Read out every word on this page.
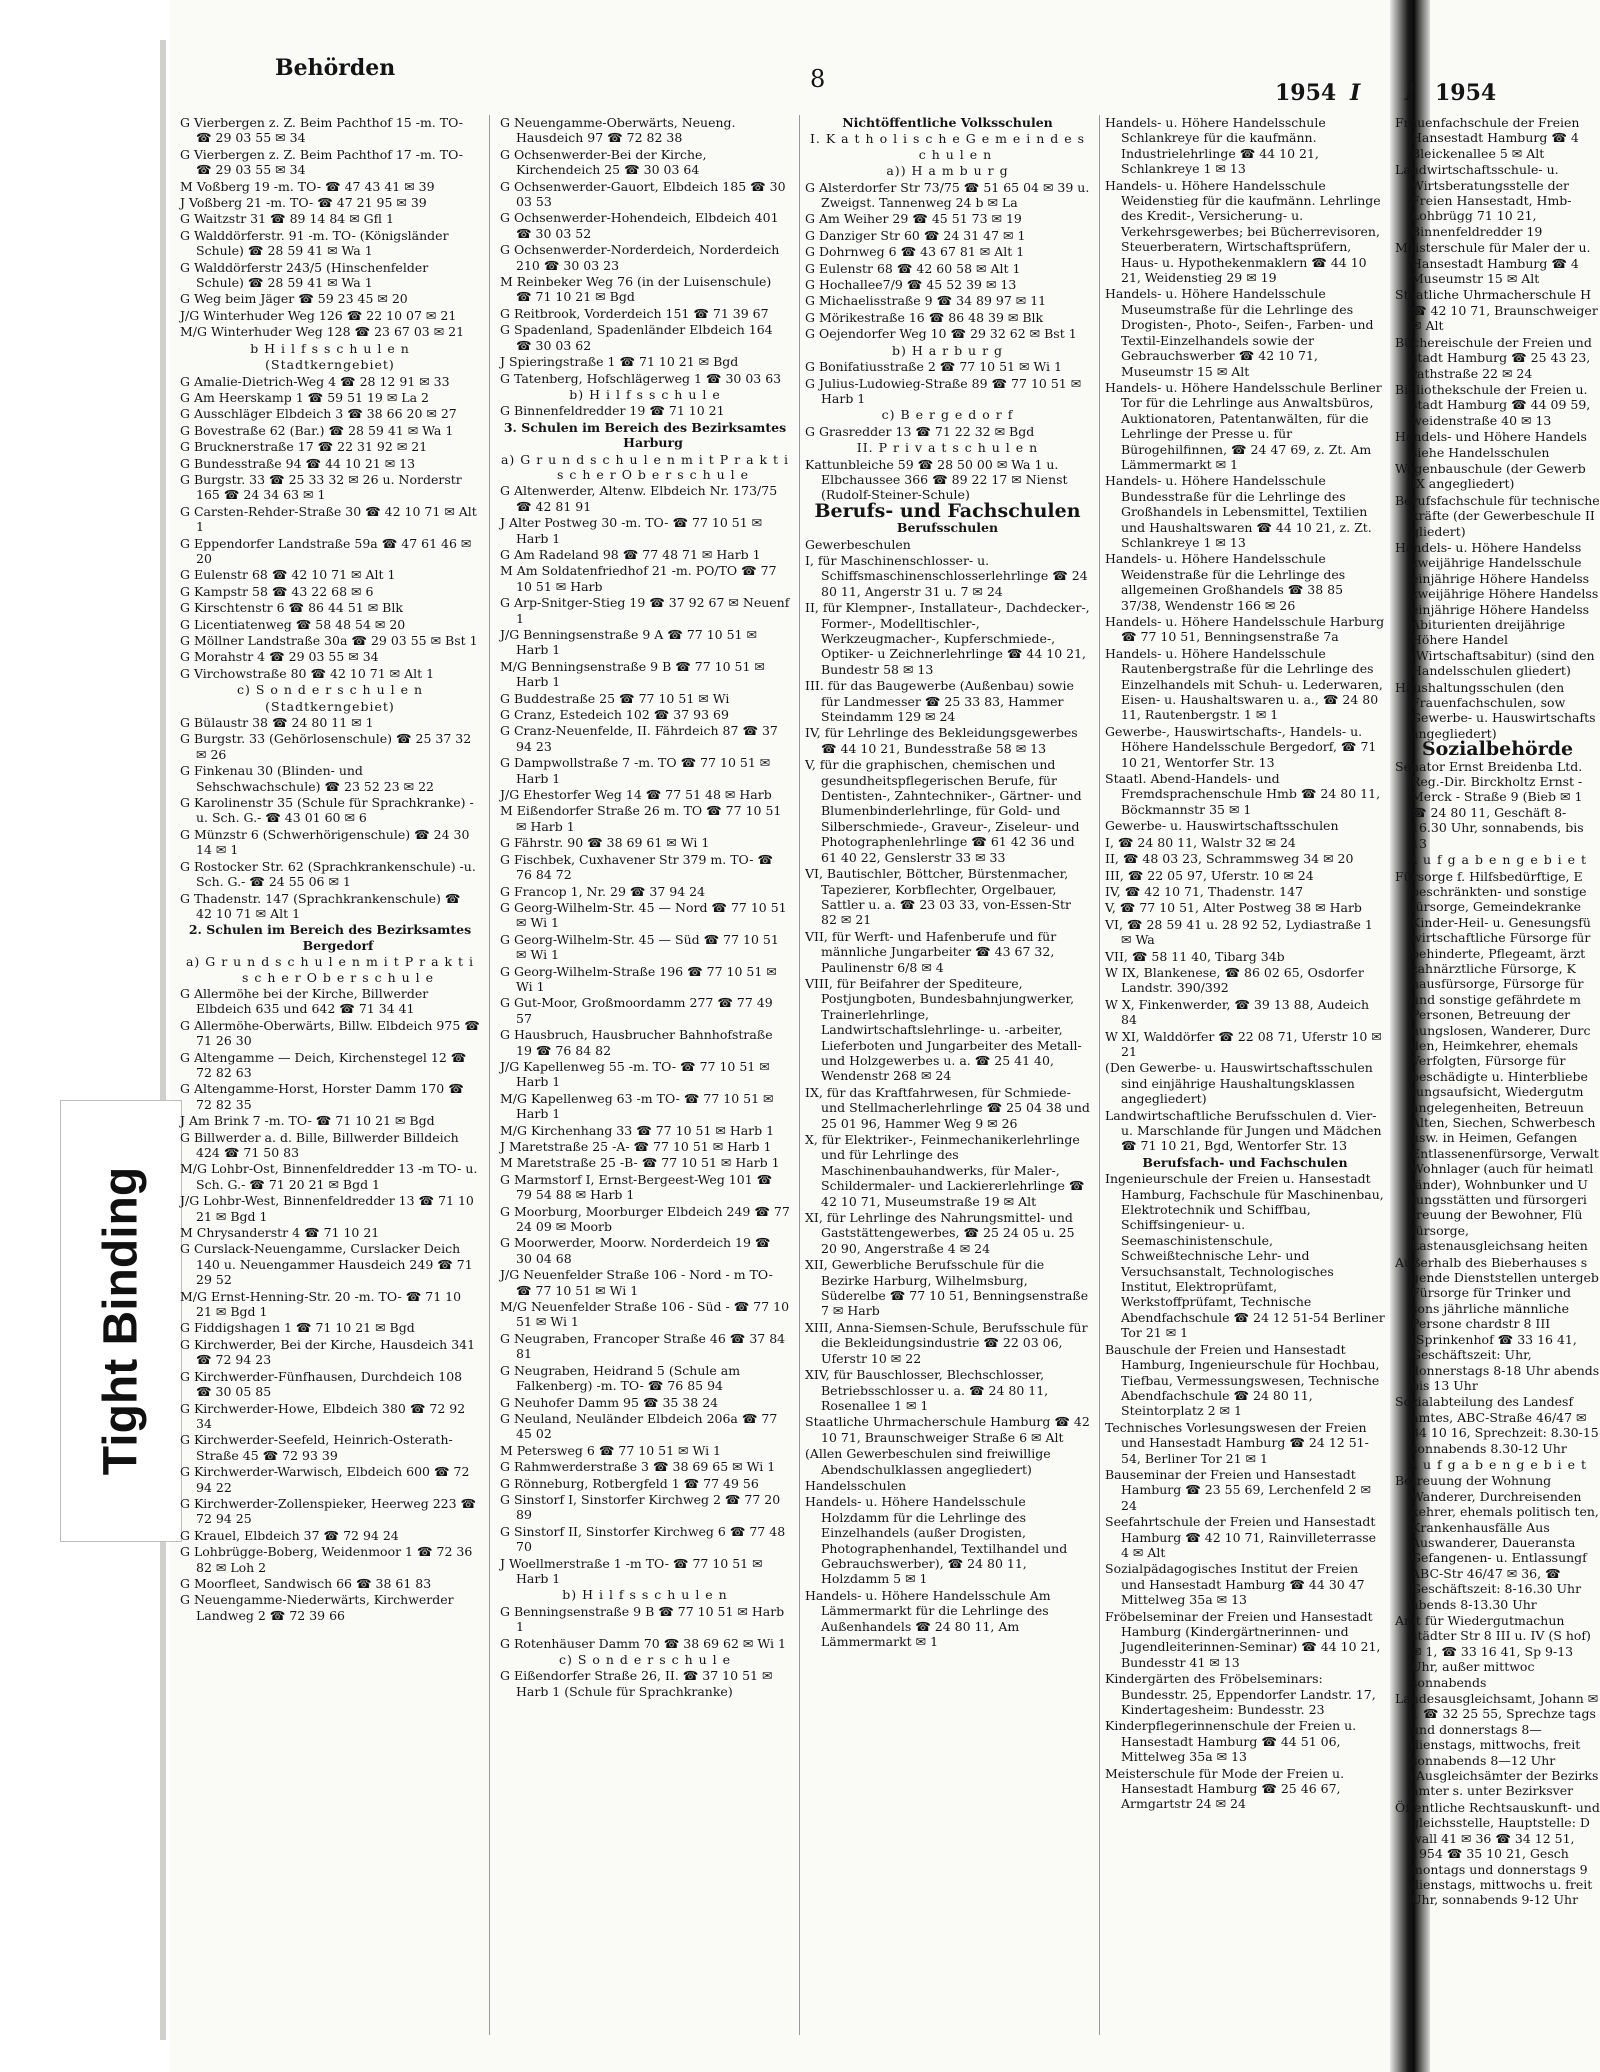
Tight Binding
Behörden	8	1954 I
G Vierbergen z. Z. Beim Pachthof 15 -m. TO- ☎ 29 03 55 ✉ 34
G Vierbergen z. Z. Beim Pachthof 17 -m. TO- ☎ 29 03 55 ✉ 34
M Voßberg 19 -m. TO- ☎ 47 43 41 ✉ 39
J Voßberg 21 -m. TO- ☎ 47 21 95 ✉ 39
G Waitzstr 31 ☎ 89 14 84 ✉ Gfl 1
G Walddörferstr. 91 -m. TO- (Königsländer Schule) ☎ 28 59 41 ✉ Wa 1
G Walddörferstr 243/5 (Hinschenfelder Schule) ☎ 28 59 41 ✉ Wa 1
G Weg beim Jäger ☎ 59 23 45 ✉ 20
J/G Winterhuder Weg 126 ☎ 22 10 07 ✉ 21
M/G Winterhuder Weg 128 ☎ 23 67 03 ✉ 21
b H i l f s s c h u l e n
(Stadtkerngebiet)
G Amalie-Dietrich-Weg 4 ☎ 28 12 91 ✉ 33
G Am Heerskamp 1 ☎ 59 51 19 ✉ La 2
G Ausschläger Elbdeich 3 ☎ 38 66 20 ✉ 27
G Bovestraße 62 (Bar.) ☎ 28 59 41 ✉ Wa 1
G Brucknerstraße 17 ☎ 22 31 92 ✉ 21
G Bundesstraße 94 ☎ 44 10 21 ✉ 13
G Burgstr. 33 ☎ 25 33 32 ✉ 26 u. Norderstr 165 ☎ 24 34 63 ✉ 1
G Carsten-Rehder-Straße 30 ☎ 42 10 71 ✉ Alt 1
G Eppendorfer Landstraße 59a ☎ 47 61 46 ✉ 20
G Eulenstr 68 ☎ 42 10 71 ✉ Alt 1
G Kampstr 58 ☎ 43 22 68 ✉ 6
G Kirschtenstr 6 ☎ 86 44 51 ✉ Blk
G Licentiatenweg ☎ 58 48 54 ✉ 20
G Möllner Landstraße 30a ☎ 29 03 55 ✉ Bst 1
G Morahstr 4 ☎ 29 03 55 ✉ 34
G Virchowstraße 80 ☎ 42 10 71 ✉ Alt 1
c) S o n d e r s c h u l e n
(Stadtkerngebiet)
G Bülaustr 38 ☎ 24 80 11 ✉ 1
G Burgstr. 33 (Gehörlosenschule) ☎ 25 37 32 ✉ 26
G Finkenau 30 (Blinden- und Sehschwachschule) ☎ 23 52 23 ✉ 22
G Karolinenstr 35 (Schule für Sprachkranke) -u. Sch. G.- ☎ 43 01 60 ✉ 6
G Münzstr 6 (Schwerhörigenschule) ☎ 24 30 14 ✉ 1
G Rostocker Str. 62 (Sprachkrankenschule) -u. Sch. G.- ☎ 24 55 06 ✉ 1
G Thadenstr. 147 (Sprachkrankenschule) ☎ 42 10 71 ✉ Alt 1
2. Schulen im Bereich des Bezirksamtes Bergedorf
a) G r u n d s c h u l e n m i t P r a k t i s c h e r O b e r s c h u l e
G Allermöhe bei der Kirche, Billwerder Elbdeich 635 und 642 ☎ 71 34 41
G Allermöhe-Oberwärts, Billw. Elbdeich 975 ☎ 71 26 30
G Altengamme — Deich, Kirchenstegel 12 ☎ 72 82 63
G Altengamme-Horst, Horster Damm 170 ☎ 72 82 35
J Am Brink 7 -m. TO- ☎ 71 10 21 ✉ Bgd
G Billwerder a. d. Bille, Billwerder Billdeich 424 ☎ 71 50 83
M/G Lohbr-Ost, Binnenfeldredder 13 -m TO- u. Sch. G.- ☎ 71 20 21 ✉ Bgd 1
J/G Lohbr-West, Binnenfeldredder 13 ☎ 71 10 21 ✉ Bgd 1
M Chrysanderstr 4 ☎ 71 10 21
G Curslack-Neuengamme, Curslacker Deich 140 u. Neuengammer Hausdeich 249 ☎ 71 29 52
M/G Ernst-Henning-Str. 20 -m. TO- ☎ 71 10 21 ✉ Bgd 1
G Fiddigshagen 1 ☎ 71 10 21 ✉ Bgd
G Kirchwerder, Bei der Kirche, Hausdeich 341 ☎ 72 94 23
G Kirchwerder-Fünfhausen, Durchdeich 108 ☎ 30 05 85
G Kirchwerder-Howe, Elbdeich 380 ☎ 72 92 34
G Kirchwerder-Seefeld, Heinrich-Osterath-Straße 45 ☎ 72 93 39
G Kirchwerder-Warwisch, Elbdeich 600 ☎ 72 94 22
G Kirchwerder-Zollenspieker, Heerweg 223 ☎ 72 94 25
G Krauel, Elbdeich 37 ☎ 72 94 24
G Lohbrügge-Boberg, Weidenmoor 1 ☎ 72 36 82 ✉ Loh 2
G Moorfleet, Sandwisch 66 ☎ 38 61 83
G Neuengamme-Niederwärts, Kirchwerder Landweg 2 ☎ 72 39 66
G Neuengamme-Oberwärts, Neueng. Hausdeich 97 ☎ 72 82 38
G Ochsenwerder-Bei der Kirche, Kirchendeich 25 ☎ 30 03 64
G Ochsenwerder-Gauort, Elbdeich 185 ☎ 30 03 53
G Ochsenwerder-Hohendeich, Elbdeich 401 ☎ 30 03 52
G Ochsenwerder-Norderdeich, Norderdeich 210 ☎ 30 03 23
M Reinbeker Weg 76 (in der Luisenschule) ☎ 71 10 21 ✉ Bgd
G Reitbrook, Vorderdeich 151 ☎ 71 39 67
G Spadenland, Spadenländer Elbdeich 164 ☎ 30 03 62
J Spieringstraße 1 ☎ 71 10 21 ✉ Bgd
G Tatenberg, Hofschlägerweg 1 ☎ 30 03 63
b) H i l f s s c h u l e
G Binnenfeldredder 19 ☎ 71 10 21
3. Schulen im Bereich des Bezirksamtes Harburg
a) G r u n d s c h u l e n m i t P r a k t i s c h e r O b e r s c h u l e
G Altenwerder, Altenw. Elbdeich Nr. 173/75 ☎ 42 81 91
J Alter Postweg 30 -m. TO- ☎ 77 10 51 ✉ Harb 1
G Am Radeland 98 ☎ 77 48 71 ✉ Harb 1
M Am Soldatenfriedhof 21 -m. PO/TO ☎ 77 10 51 ✉ Harb
G Arp-Snitger-Stieg 19 ☎ 37 92 67 ✉ Neuenf 1
J/G Benningsenstraße 9 A ☎ 77 10 51 ✉ Harb 1
M/G Benningsenstraße 9 B ☎ 77 10 51 ✉ Harb 1
G Buddestraße 25 ☎ 77 10 51 ✉ Wi
G Cranz, Estedeich 102 ☎ 37 93 69
G Cranz-Neuenfelde, II. Fährdeich 87 ☎ 37 94 23
G Dampwollstraße 7 -m. TO ☎ 77 10 51 ✉ Harb 1
J/G Ehestorfer Weg 14 ☎ 77 51 48 ✉ Harb
M Eißendorfer Straße 26 m. TO ☎ 77 10 51 ✉ Harb 1
G Fährstr. 90 ☎ 38 69 61 ✉ Wi 1
G Fischbek, Cuxhavener Str 379 m. TO- ☎ 76 84 72
G Francop 1, Nr. 29 ☎ 37 94 24
G Georg-Wilhelm-Str. 45 — Nord ☎ 77 10 51 ✉ Wi 1
G Georg-Wilhelm-Str. 45 — Süd ☎ 77 10 51 ✉ Wi 1
G Georg-Wilhelm-Straße 196 ☎ 77 10 51 ✉ Wi 1
G Gut-Moor, Großmoordamm 277 ☎ 77 49 57
G Hausbruch, Hausbrucher Bahnhofstraße 19 ☎ 76 84 82
J/G Kapellenweg 55 -m. TO- ☎ 77 10 51 ✉ Harb 1
M/G Kapellenweg 63 -m TO- ☎ 77 10 51 ✉ Harb 1
M/G Kirchenhang 33 ☎ 77 10 51 ✉ Harb 1
J Maretstraße 25 -A- ☎ 77 10 51 ✉ Harb 1
M Maretstraße 25 -B- ☎ 77 10 51 ✉ Harb 1
G Marmstorf I, Ernst-Bergeest-Weg 101 ☎ 79 54 88 ✉ Harb 1
G Moorburg, Moorburger Elbdeich 249 ☎ 77 24 09 ✉ Moorb
G Moorwerder, Moorw. Norderdeich 19 ☎ 30 04 68
J/G Neuenfelder Straße 106 - Nord - m TO- ☎ 77 10 51 ✉ Wi 1
M/G Neuenfelder Straße 106 - Süd - ☎ 77 10 51 ✉ Wi 1
G Neugraben, Francoper Straße 46 ☎ 37 84 81
G Neugraben, Heidrand 5 (Schule am Falkenberg) -m. TO- ☎ 76 85 94
G Neuhofer Damm 95 ☎ 35 38 24
G Neuland, Neuländer Elbdeich 206a ☎ 77 45 02
M Petersweg 6 ☎ 77 10 51 ✉ Wi 1
G Rahmwerderstraße 3 ☎ 38 69 65 ✉ Wi 1
G Rönneburg, Rotbergfeld 1 ☎ 77 49 56
G Sinstorf I, Sinstorfer Kirchweg 2 ☎ 77 20 89
G Sinstorf II, Sinstorfer Kirchweg 6 ☎ 77 48 70
J Woellmerstraße 1 -m TO- ☎ 77 10 51 ✉ Harb 1
b) H i l f s s c h u l e n
G Benningsenstraße 9 B ☎ 77 10 51 ✉ Harb 1
G Rotenhäuser Damm 70 ☎ 38 69 62 ✉ Wi 1
c) S o n d e r s c h u l e
G Eißendorfer Straße 26, II. ☎ 37 10 51 ✉ Harb 1 (Schule für Sprachkranke)
Nichtöffentliche Volksschulen
I. K a t h o l i s c h e G e m e i n d e s c h u l e n
a)) H a m b u r g
G Alsterdorfer Str 73/75 ☎ 51 65 04 ✉ 39 u. Zweigst. Tannenweg 24 b ✉ La
G Am Weiher 29 ☎ 45 51 73 ✉ 19
G Danziger Str 60 ☎ 24 31 47 ✉ 1
G Dohrnweg 6 ☎ 43 67 81 ✉ Alt 1
G Eulenstr 68 ☎ 42 60 58 ✉ Alt 1
G Hochallee7/9 ☎ 45 52 39 ✉ 13
G Michaelisstraße 9 ☎ 34 89 97 ✉ 11
G Mörikestraße 16 ☎ 86 48 39 ✉ Blk
G Oejendorfer Weg 10 ☎ 29 32 62 ✉ Bst 1
b) H a r b u r g
G Bonifatiusstraße 2 ☎ 77 10 51 ✉ Wi 1
G Julius-Ludowieg-Straße 89 ☎ 77 10 51 ✉ Harb 1
c) B e r g e d o r f
G Grasredder 13 ☎ 71 22 32 ✉ Bgd
II. P r i v a t s c h u l e n
Kattunbleiche 59 ☎ 28 50 00 ✉ Wa 1 u. Elbchaussee 366 ☎ 89 22 17 ✉ Nienst (Rudolf-Steiner-Schule)
Berufs- und Fachschulen
Berufsschulen
Gewerbeschulen
I, für Maschinenschlosser- u. Schiffsmaschinenschlosserlehrlinge ☎ 24 80 11, Angerstr 31 u. 7 ✉ 24
II, für Klempner-, Installateur-, Dachdecker-, Former-, Modelltischler-, Werkzeugmacher-, Kupferschmiede-, Optiker- u Zeichnerlehrlinge ☎ 44 10 21, Bundestr 58 ✉ 13
III. für das Baugewerbe (Außenbau) sowie für Landmesser ☎ 25 33 83, Hammer Steindamm 129 ✉ 24
IV, für Lehrlinge des Bekleidungsgewerbes ☎ 44 10 21, Bundesstraße 58 ✉ 13
V, für die graphischen, chemischen und gesundheitspflegerischen Berufe, für Dentisten-, Zahntechniker-, Gärtner- und Blumenbinderlehrlinge, für Gold- und Silberschmiede-, Graveur-, Ziseleur- und Photographenlehrlinge ☎ 61 42 36 und 61 40 22, Genslerstr 33 ✉ 33
VI, Bautischler, Böttcher, Bürstenmacher, Tapezierer, Korbflechter, Orgelbauer, Sattler u. a. ☎ 23 03 33, von-Essen-Str 82 ✉ 21
VII, für Werft- und Hafenberufe und für männliche Jungarbeiter ☎ 43 67 32, Paulinenstr 6/8 ✉ 4
VIII, für Beifahrer der Spediteure, Postjungboten, Bundesbahnjungwerker, Trainerlehrlinge, Landwirtschaftslehrlinge- u. -arbeiter, Lieferboten und Jungarbeiter des Metall- und Holzgewerbes u. a. ☎ 25 41 40, Wendenstr 268 ✉ 24
IX, für das Kraftfahrwesen, für Schmiede- und Stellmacherlehrlinge ☎ 25 04 38 und 25 01 96, Hammer Weg 9 ✉ 26
X, für Elektriker-, Feinmechanikerlehrlinge und für Lehrlinge des Maschinenbauhandwerks, für Maler-, Schildermaler- und Lackiererlehrlinge ☎ 42 10 71, Museumstraße 19 ✉ Alt
XI, für Lehrlinge des Nahrungsmittel- und Gaststättengewerbes, ☎ 25 24 05 u. 25 20 90, Angerstraße 4 ✉ 24
XII, Gewerbliche Berufsschule für die Bezirke Harburg, Wilhelmsburg, Süderelbe ☎ 77 10 51, Benningsenstraße 7 ✉ Harb
XIII, Anna-Siemsen-Schule, Berufsschule für die Bekleidungsindustrie ☎ 22 03 06, Uferstr 10 ✉ 22
XIV, für Bauschlosser, Blechschlosser, Betriebsschlosser u. a. ☎ 24 80 11, Rosenallee 1 ✉ 1
Staatliche Uhrmacherschule Hamburg ☎ 42 10 71, Braunschweiger Straße 6 ✉ Alt
(Allen Gewerbeschulen sind freiwillige Abendschulklassen angegliedert)
Handelsschulen
Handels- u. Höhere Handelsschule Holzdamm für die Lehrlinge des Einzelhandels (außer Drogisten, Photographenhandel, Textilhandel und Gebrauchswerber), ☎ 24 80 11, Holzdamm 5 ✉ 1
Handels- u. Höhere Handelsschule Am Lämmermarkt für die Lehrlinge des Außenhandels ☎ 24 80 11, Am Lämmermarkt ✉ 1
Handels- u. Höhere Handelsschule Schlankreye für die kaufmänn. Industrielehrlinge ☎ 44 10 21, Schlankreye 1 ✉ 13
Handels- u. Höhere Handelsschule Weidenstieg für die kaufmänn. Lehrlinge des Kredit-, Versicherung- u. Verkehrsgewerbes; bei Bücherrevisoren, Steuerberatern, Wirtschaftsprüfern, Haus- u. Hypothekenmaklern ☎ 44 10 21, Weidenstieg 29 ✉ 19
Handels- u. Höhere Handelsschule Museumstraße für die Lehrlinge des Drogisten-, Photo-, Seifen-, Farben- und Textil-Einzelhandels sowie der Gebrauchswerber ☎ 42 10 71, Museumstr 15 ✉ Alt
Handels- u. Höhere Handelsschule Berliner Tor für die Lehrlinge aus Anwaltsbüros, Auktionatoren, Patentanwälten, für die Lehrlinge der Presse u. für Bürogehilfinnen, ☎ 24 47 69, z. Zt. Am Lämmermarkt ✉ 1
Handels- u. Höhere Handelsschule Bundesstraße für die Lehrlinge des Großhandels in Lebensmittel, Textilien und Haushaltswaren ☎ 44 10 21, z. Zt. Schlankreye 1 ✉ 13
Handels- u. Höhere Handelsschule Weidenstraße für die Lehrlinge des allgemeinen Großhandels ☎ 38 85 37/38, Wendenstr 166 ✉ 26
Handels- u. Höhere Handelsschule Harburg ☎ 77 10 51, Benningsenstraße 7a
Handels- u. Höhere Handelsschule Rautenbergstraße für die Lehrlinge des Einzelhandels mit Schuh- u. Lederwaren, Eisen- u. Haushaltswaren u. a., ☎ 24 80 11, Rautenbergstr. 1 ✉ 1
Gewerbe-, Hauswirtschafts-, Handels- u. Höhere Handelsschule Bergedorf, ☎ 71 10 21, Wentorfer Str. 13
Staatl. Abend-Handels- und Fremdsprachenschule Hmb ☎ 24 80 11, Böckmannstr 35 ✉ 1
Gewerbe- u. Hauswirtschaftsschulen
I, ☎ 24 80 11, Walstr 32 ✉ 24
II, ☎ 48 03 23, Schrammsweg 34 ✉ 20
III, ☎ 22 05 97, Uferstr. 10 ✉ 24
IV, ☎ 42 10 71, Thadenstr. 147
V, ☎ 77 10 51, Alter Postweg 38 ✉ Harb
VI, ☎ 28 59 41 u. 28 92 52, Lydiastraße 1 ✉ Wa
VII, ☎ 58 11 40, Tibarg 34b
W IX, Blankenese, ☎ 86 02 65, Osdorfer Landstr. 390/392
W X, Finkenwerder, ☎ 39 13 88, Audeich 84
W XI, Walddörfer ☎ 22 08 71, Uferstr 10 ✉ 21
(Den Gewerbe- u. Hauswirtschaftsschulen sind einjährige Haushaltungsklassen angegliedert)
Landwirtschaftliche Berufsschulen d. Vier- u. Marschlande für Jungen und Mädchen ☎ 71 10 21, Bgd, Wentorfer Str. 13
Berufsfach- und Fachschulen
Ingenieurschule der Freien u. Hansestadt Hamburg, Fachschule für Maschinenbau, Elektrotechnik und Schiffbau, Schiffsingenieur- u. Seemaschinistenschule, Schweißtechnische Lehr- und Versuchsanstalt, Technologisches Institut, Elektroprüfamt, Werkstoffprüfamt, Technische Abendfachschule ☎ 24 12 51-54 Berliner Tor 21 ✉ 1
Bauschule der Freien und Hansestadt Hamburg, Ingenieurschule für Hochbau, Tiefbau, Vermessungswesen, Technische Abendfachschule ☎ 24 80 11, Steintorplatz 2 ✉ 1
Technisches Vorlesungswesen der Freien und Hansestadt Hamburg ☎ 24 12 51-54, Berliner Tor 21 ✉ 1
Bauseminar der Freien und Hansestadt Hamburg ☎ 23 55 69, Lerchenfeld 2 ✉ 24
Seefahrtschule der Freien und Hansestadt Hamburg ☎ 42 10 71, Rainvilleterrasse 4 ✉ Alt
Sozialpädagogisches Institut der Freien und Hansestadt Hamburg ☎ 44 30 47 Mittelweg 35a ✉ 13
Fröbelseminar der Freien und Hansestadt Hamburg (Kindergärtnerinnen- und Jugendleiterinnen-Seminar) ☎ 44 10 21, Bundesstr 41 ✉ 13
Kindergärten des Fröbelseminars: Bundesstr. 25, Eppendorfer Landstr. 17, Kindertagesheim: Bundesstr. 23
Kinderpflegerinnenschule der Freien u. Hansestadt Hamburg ☎ 44 51 06, Mittelweg 35a ✉ 13
Meisterschule für Mode der Freien u. Hansestadt Hamburg ☎ 25 46 67, Armgartstr 24 ✉ 24
I 1954
Frauenfachschule der Freien Hansestadt Hamburg ☎ 4 Bleickenallee 5 ✉ Alt
Landwirtschaftsschule- u. Wirtsberatungsstelle der Freien Hansestadt, Hmb-Lohbrügg 71 10 21, Binnenfeldredder 19
Meisterschule für Maler der u. Hansestadt Hamburg ☎ 4 Museumstr 15 ✉ Alt
Staatliche Uhrmacherschule H ☎ 42 10 71, Braunschweiger ✉ Alt
Büchereischule der Freien und stadt Hamburg ☎ 25 43 23, rathstraße 22 ✉ 24
Bibliothekschule der Freien u. stadt Hamburg ☎ 44 09 59, weidenstraße 40 ✉ 13
Handels- und Höhere Handels siehe Handelsschulen
Wagenbauschule (der Gewerb IX angegliedert)
Berufsfachschule für technische kräfte (der Gewerbeschule II gliedert)
Handels- u. Höhere Handelss zweijährige Handelsschule einjährige Höhere Handelss zweijährige Höhere Handelss einjährige Höhere Handelss Abiturienten dreijährige Höhere Handel (Wirtschaftsabitur) (sind den Handelsschulen gliedert)
Haushaltungsschulen (den Frauenfachschulen, sow Gewerbe- u. Hauswirtschafts angegliedert)
Sozialbehörde
Senator Ernst Breidenba Ltd. Reg.-Dir. Birckholtz Ernst - Merck - Straße 9 (Bieb ✉ 1 ☎ 24 80 11, Geschäft 8-16.30 Uhr, sonnabends, bis 13
A u f g a b e n g e b i e t
Fürsorge f. Hilfsbedürftige, E beschränkten- und sonstige fürsorge, Gemeindekranke Kinder-Heil- u. Genesungsfü wirtschaftliche Fürsorge für behinderte, Pflegeamt, ärzt zahnärztliche Fürsorge, K hausfürsorge, Fürsorge für und sonstige gefährdete m Personen, Betreuung der nungslosen, Wanderer, Durc den, Heimkehrer, ehemals Verfolgten, Fürsorge für beschädigte u. Hinterbliebe tungsaufsicht, Wiedergutm angelegenheiten, Betreuun Alten, Siechen, Schwerbesch usw. in Heimen, Gefangen Entlassenenfürsorge, Verwalt Wohnlager (auch für heimatl länder), Wohnbunker und U tungsstätten und fürsorgeri treuung der Bewohner, Flü fürsorge, Lastenausgleichsang heiten
Außerhalb des Bieberhauses s gende Dienststellen untergeb Fürsorge für Trinker und sons jährliche männliche Persone chardstr 8 III (Sprinkenhof ☎ 33 16 41, Geschäftszeit: Uhr, donnerstags 8-18 Uhr abends bis 13 Uhr
Sozialabteilung des Landesf amtes, ABC-Straße 46/47 ✉ 34 10 16, Sprechzeit: 8.30-15 sonnabends 8.30-12 Uhr
A u f g a b e n g e b i e t
Betreuung der Wohnung Wanderer, Durchreisenden kehrer, ehemals politisch ten, Krankenhausfälle Aus Auswanderer, Daueransta Gefangenen- u. Entlassungf ABC-Str 46/47 ✉ 36, ☎ Geschäftszeit: 8-16.30 Uhr abends 8-13.30 Uhr
Amt für Wiedergutmachun städter Str 8 III u. IV (S hof) ✉ 1, ☎ 33 16 41, Sp 9-13 Uhr, außer mittwoc sonnabends
Landesausgleichsamt, Johann ✉ 1 ☎ 32 25 55, Sprechze tags und donnerstags 8— dienstags, mittwochs, freit sonnabends 8—12 Uhr (Ausgleichsämter der Bezirks ämter s. unter Bezirksver
Öffentliche Rechtsauskunft- und gleichsstelle, Hauptstelle: D wall 41 ✉ 36 ☎ 34 12 51, 1954 ☎ 35 10 21, Gesch montags und donnerstags 9 dienstags, mittwochs u. freit Uhr, sonnabends 9-12 Uhr
